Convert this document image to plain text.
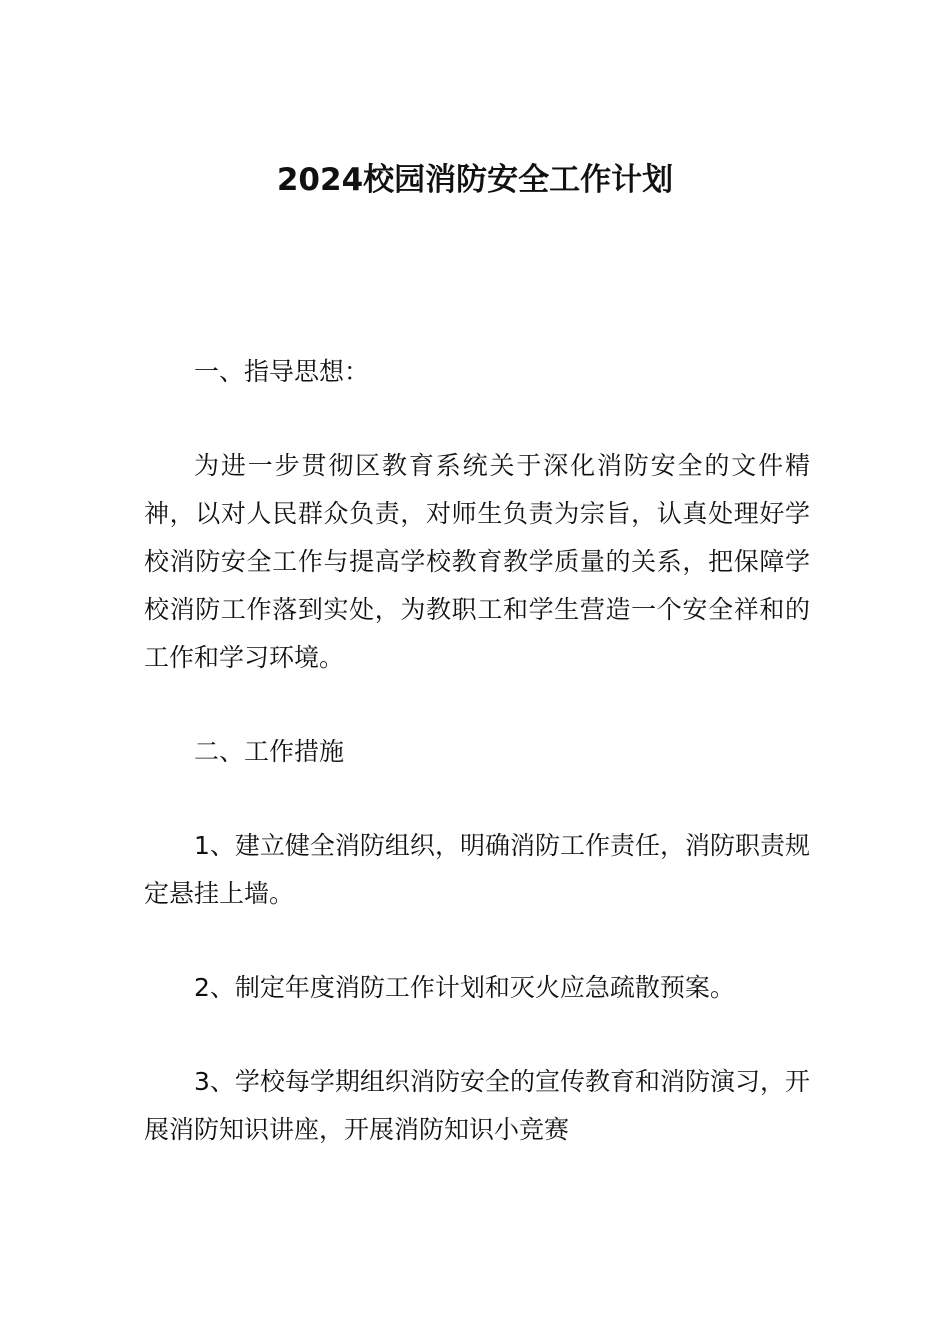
2024校园消防安全工作计划

一、指导思想：

为进一步贯彻区教育系统关于深化消防安全的文件精神，以对人民群众负责，对师生负责为宗旨，认真处理好学校消防安全工作与提高学校教育教学质量的关系，把保障学校消防工作落到实处，为教职工和学生营造一个安全祥和的工作和学习环境。

二、工作措施

1、建立健全消防组织，明确消防工作责任，消防职责规定悬挂上墙。

2、制定年度消防工作计划和灭火应急疏散预案。

3、学校每学期组织消防安全的宣传教育和消防演习，开展消防知识讲座，开展消防知识小竞赛
